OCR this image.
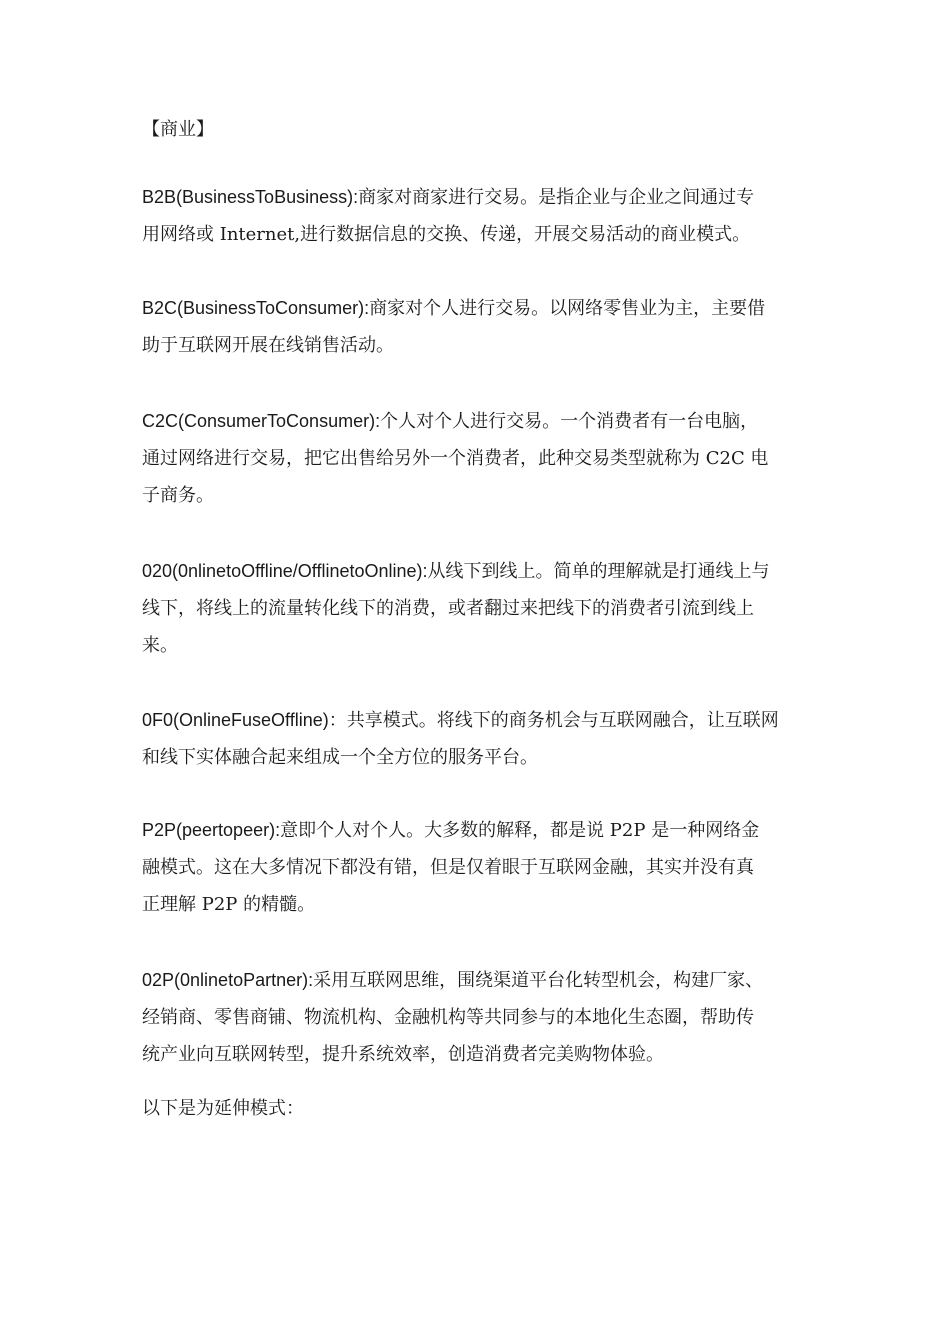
【商业】
B2B(BusinessToBusiness):商家对商家进行交易。是指企业与企业之间通过专
用网络或 Internet,进行数据信息的交换、传递，开展交易活动的商业模式。
B2C(BusinessToConsumer):商家对个人进行交易。以网络零售业为主，主要借
助于互联网开展在线销售活动。
C2C(ConsumerToConsumer):个人对个人进行交易。一个消费者有一台电脑，
通过网络进行交易，把它出售给另外一个消费者，此种交易类型就称为 C2C 电
子商务。
020(0nlinetoOffline/OfflinetoOnline):从线下到线上。简单的理解就是打通线上与
线下，将线上的流量转化线下的消费，或者翻过来把线下的消费者引流到线上
来。
0F0(OnlineFuseOffline)：共享模式。将线下的商务机会与互联网融合，让互联网
和线下实体融合起来组成一个全方位的服务平台。
P2P(peertopeer):意即个人对个人。大多数的解释，都是说 P2P 是一种网络金
融模式。这在大多情况下都没有错，但是仅着眼于互联网金融，其实并没有真
正理解 P2P 的精髓。
02P(0nlinetoPartner):采用互联网思维，围绕渠道平台化转型机会，构建厂家、
经销商、零售商铺、物流机构、金融机构等共同参与的本地化生态圈，帮助传
统产业向互联网转型，提升系统效率，创造消费者完美购物体验。
以下是为延伸模式：
